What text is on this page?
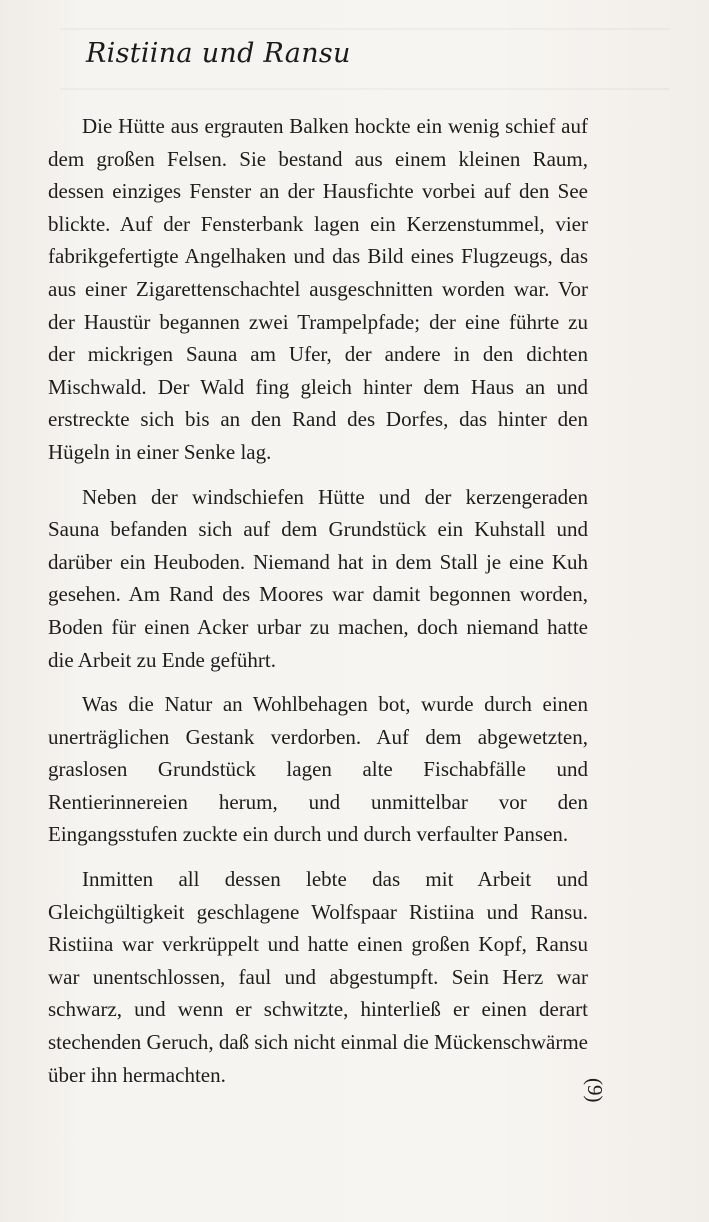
Ristiina und Ransu

Die Hütte aus ergrauten Balken hockte ein wenig schief auf dem großen Felsen. Sie bestand aus einem kleinen Raum, dessen einziges Fenster an der Hausfichte vorbei auf den See blickte. Auf der Fensterbank lagen ein Kerzenstummel, vier fabrikgefertigte Angelhaken und das Bild eines Flugzeugs, das aus einer Zigarettenschachtel ausgeschnitten worden war. Vor der Haustür begannen zwei Trampelpfade; der eine führte zu der mickrigen Sauna am Ufer, der andere in den dichten Mischwald. Der Wald fing gleich hinter dem Haus an und erstreckte sich bis an den Rand des Dorfes, das hinter den Hügeln in einer Senke lag.

Neben der windschiefen Hütte und der kerzengeraden Sauna befanden sich auf dem Grundstück ein Kuhstall und darüber ein Heuboden. Niemand hat in dem Stall je eine Kuh gesehen. Am Rand des Moores war damit begonnen worden, Boden für einen Acker urbar zu machen, doch niemand hatte die Arbeit zu Ende geführt.

Was die Natur an Wohlbehagen bot, wurde durch einen unerträglichen Gestank verdorben. Auf dem abgewetzten, graslosen Grundstück lagen alte Fischabfälle und Rentierinnereien herum, und unmittelbar vor den Eingangsstufen zuckte ein durch und durch verfaulter Pansen.

Inmitten all dessen lebte das mit Arbeit und Gleichgültigkeit geschlagene Wolfspaar Ristiina und Ransu. Ristiina war verkrüppelt und hatte einen großen Kopf, Ransu war unentschlossen, faul und abgestumpft. Sein Herz war schwarz, und wenn er schwitzte, hinterließ er einen derart stechenden Geruch, daß sich nicht einmal die Mückenschwärme über ihn hermachten.

(9)
